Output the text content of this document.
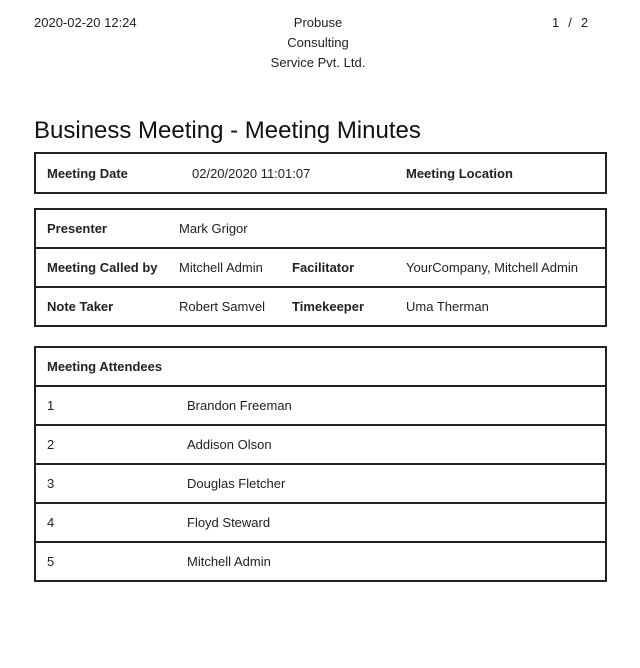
2020-02-20 12:24	Probuse Consulting Service Pvt. Ltd.
1 / 2
Business Meeting - Meeting Minutes
Meeting Date	02/20/2020 11:01:07	Meeting Location
Presenter	Mark Grigor		
Meeting Called by	Mitchell Admin	Facilitator	YourCompany, Mitchell Admin
Note Taker	Robert Samvel	Timekeeper	Uma Therman
Meeting Attendees	
1	Brandon Freeman
2	Addison Olson
3	Douglas Fletcher
4	Floyd Steward
5	Mitchell Admin
